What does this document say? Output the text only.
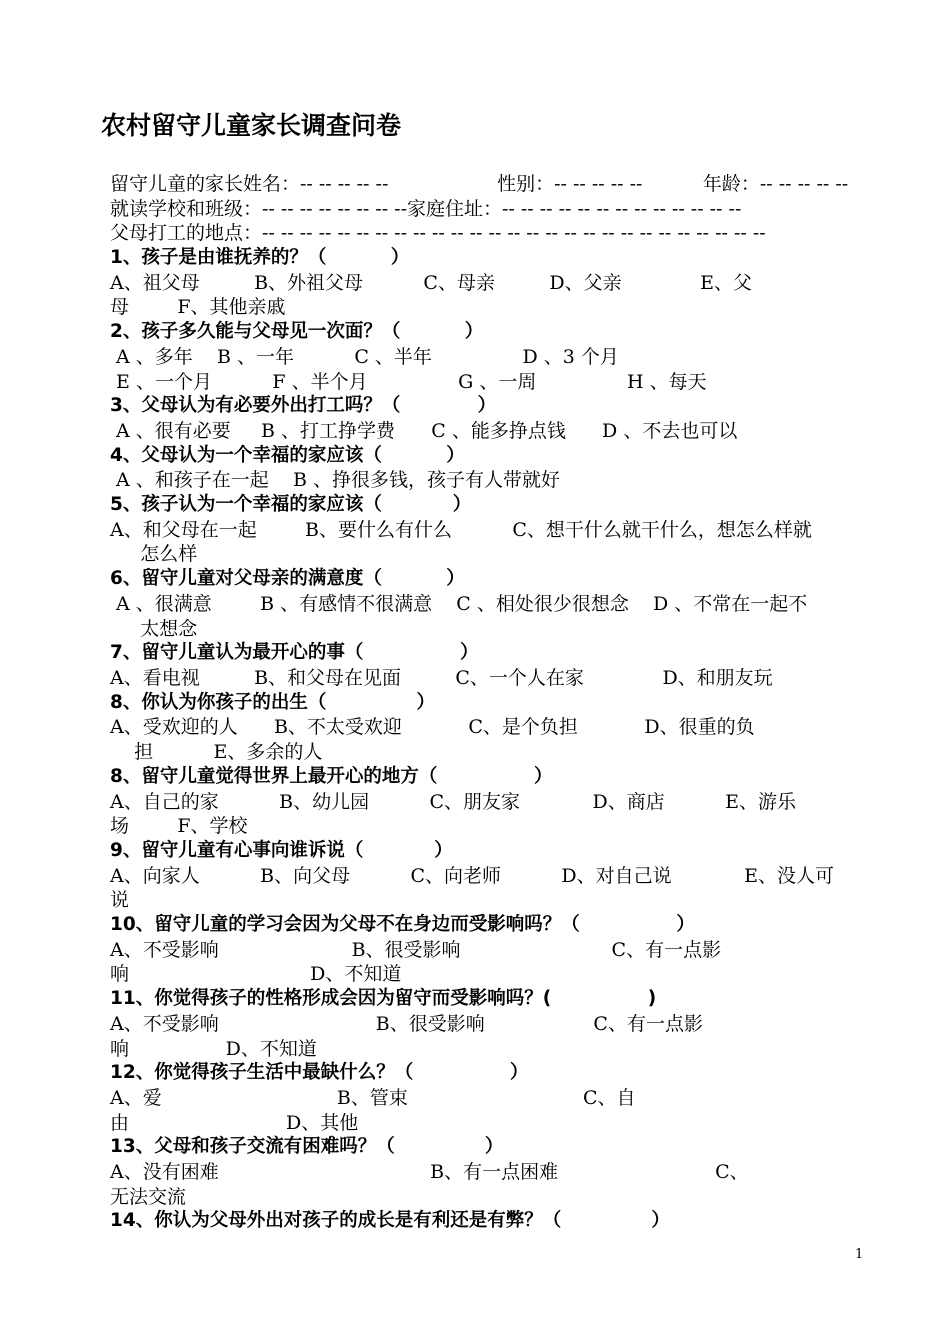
农村留守儿童家长调查问卷
留守儿童的家长姓名：-- -- -- -- --                  性别：-- -- -- -- --          年龄：-- -- -- -- --
就读学校和班级：-- -- -- -- -- -- -- --家庭住址：-- -- -- -- -- -- -- -- -- -- -- -- --
父母打工的地点：-- -- -- -- -- -- -- -- -- -- -- -- -- -- -- -- -- -- -- -- -- -- -- -- -- -- --
1、孩子是由谁抚养的？（          ）
A、祖父母         B、外祖父母          C、母亲         D、父亲             E、父
母        F、其他亲戚
2、孩子多久能与父母见一次面？（          ）
A 、多年    B 、一年          C 、半年               D 、3 个月
E 、一个月          F 、半个月               G 、一周               H 、每天
3、父母认为有必要外出打工吗？（            ）
A 、很有必要     B 、打工挣学费      C 、能多挣点钱      D 、不去也可以
4、父母认为一个幸福的家应该（          ）
A 、和孩子在一起    B 、挣很多钱，孩子有人带就好
5、孩子认为一个幸福的家应该（           ）
A、和父母在一起        B、要什么有什么          C、想干什么就干什么，想怎么样就
怎么样
6、留守儿童对父母亲的满意度（          ）
A 、很满意        B 、有感情不很满意    C 、相处很少很想念    D 、不常在一起不
太想念
7、留守儿童认为最开心的事（               ）
A、看电视         B、和父母在见面         C、一个人在家             D、和朋友玩
8、你认为你孩子的出生（              ）
A、受欢迎的人      B、不太受欢迎           C、是个负担           D、很重的负
担          E、多余的人
8、留守儿童觉得世界上最开心的地方（               ）
A、自己的家          B、幼儿园          C、朋友家            D、商店          E、游乐
场        F、学校
9、留守儿童有心事向谁诉说（           ）
A、向家人          B、向父母          C、向老师          D、对自己说            E、没人可
说
10、留守儿童的学习会因为父母不在身边而受影响吗？（               ）
A、不受影响                      B、很受影响                         C、有一点影
响                              D、不知道
11、你觉得孩子的性格形成会因为留守而受影响吗？(               )
A、不受影响                          B、很受影响                  C、有一点影
响                D、不知道
12、你觉得孩子生活中最缺什么？（               ）
A、爱                             B、管束                             C、自
由                          D、其他
13、父母和孩子交流有困难吗？（              ）
A、没有困难                                   B、有一点困难                          C、
无法交流
14、你认为父母外出对孩子的成长是有利还是有弊？（              ）
1
